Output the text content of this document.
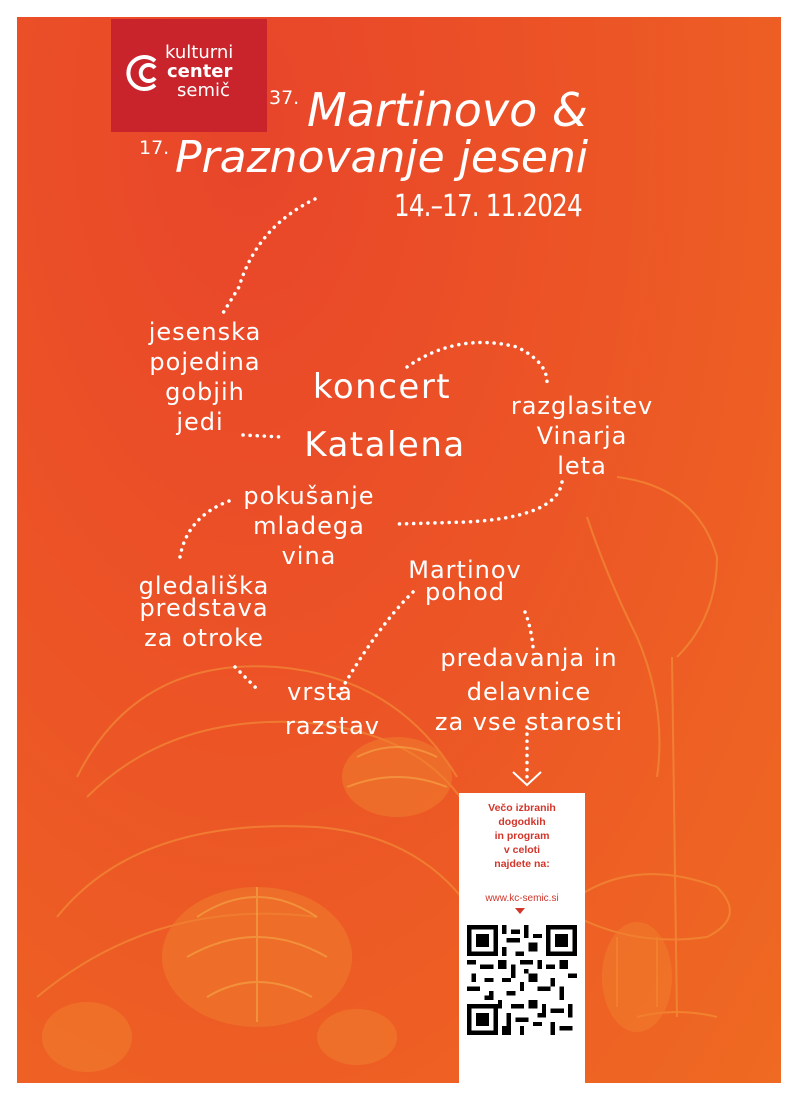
kulturni
center
semič 37. Martinovo &
17. Praznovanje jeseni
14.–17. 11.2024
jesenska
pojedina
gobjih
jedi
koncert
Katalena
razglasitev
Vinarja
leta
pokušanje
mladega
vina	Martinov
pohod
gledališka
predstava
za otroke
vrsta
razstav
predavanja in
delavnice
za vse starosti
Večo izbranih
dogodkih
in program
v celoti
najdete na:
www.kc-semic.si
